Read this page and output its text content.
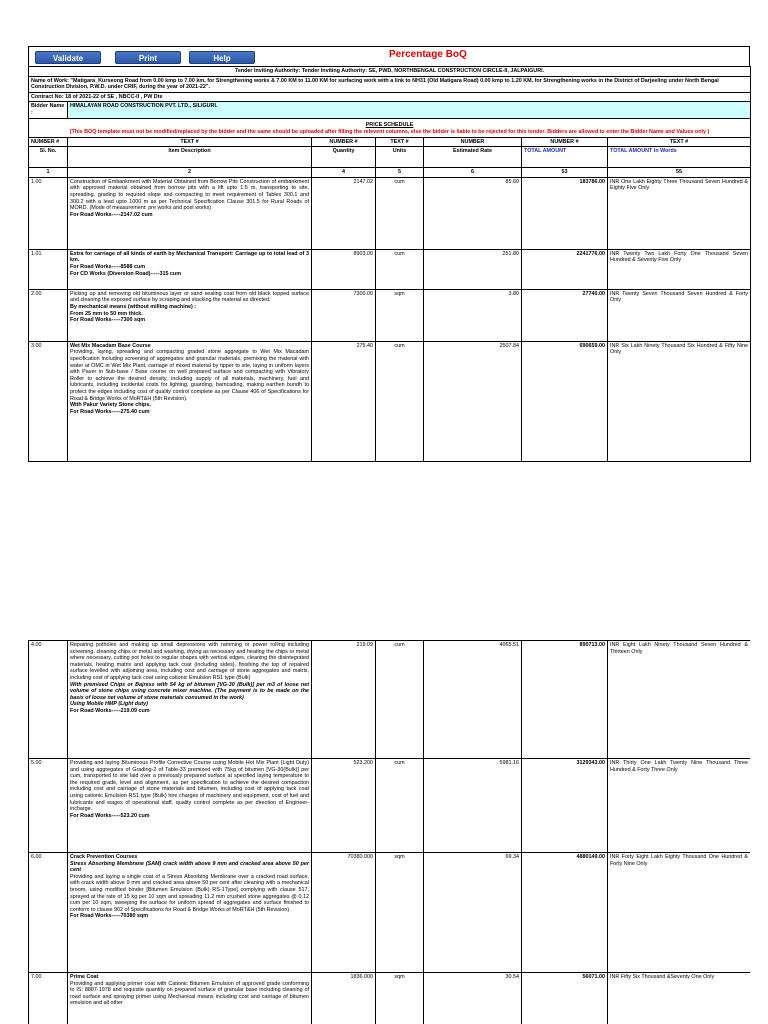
Validate	Print	Help	Percentage BoQ
Tender Inviting Authority: Tender Inviting Authority: SE, PWD, NORTHBENGAL CONSTRUCTION CIRCLE-II, JALPAIGURI.						
Name of Work: "Matigara_Kurseong Road from 0.00 kmp to 7.00 km, for Strengthening works & 7.00 KM to 11.00 KM for surfacing work with a link to NH31 (Old Matigara Road) 0.00 kmp to 1.20 KM, for Strengthening works in the District of Darjeeling under North Bengal Construction Division, P.W.D. under CRIF, during the year of 2021-22".						
Contract No: 18 of 2021-22 of SE , NBCC-II , PW Dte						
Bidder Name :	HIMALAYAN ROAD CONSTRUCTION PVT. LTD., SILIGURI.					

PRICE SCHEDULE
(This BOQ template must not be modified/replaced by the bidder and the same should be uploaded after filling the relevent columns, else the bidder is liable to be rejected for this tender. Bidders are allowed to enter the Bidder Name and Values only )						

NUMBER #	TEXT #	NUMBER #	TEXT #	NUMBER	NUMBER #	TEXT #
Sl. No.	Item Description	Quantity	Units	Estimated Rate	TOTAL AMOUNT	TOTAL AMOUNT In Words
1	2	4	5	6	53	55
1.00	Construction of Embankment with Material Obtained from Borrow Pits Construction of embankment with approved material obtained from borrow pits with a lift upto 1.5 m, transporting to site, spreading, grading to required slope and compacting to meet requirement of Tables 300.1 and 300.2 with a lead upto 1000 m as per Technical Specification Clause 301.5 for Rural Roads of MORD. (Mode of measurement: pre works and post works)
For Road Works-----2147.02 cum	2147.02	cum	85.60	183786.00	INR One Lakh Eighty Three Thousand Seven Hundred & Eighty Five Only
1.01	Extra for carriage of all kinds of earth by Mechanical Transport: Carriage up to total lead of 3 km.
For Road Works-----8588 cum
For CD Works (Diversion Road)-----315 cum	8903.00	cum	251.80	2241776.00	INR Twenty Two Lakh Forty One Thousand Seven Hundred & Seventy Five Only
2.00	Picking up and removing old bituminous layer or sand sealing coat from old black topped surface and cleaning the exposed surface by scraping and stacking the material as directed.
By mechanical means (without milling machine) :
From 25 mm to 50 mm thick.
For Road Works-----7300 sqm	7300.00	sqm	3.80	27740.00	INR Twenty Seven Thousand Seven Hundred & Forty Only
3.00	Wet Mix Macadam Base Course
Providing, laying, spreading and compacting graded stone aggregate to Wet Mix Macadam specification including screening of aggregates and granular materials, premixing the material with water at OMC in Wet Mix Plant, carriage of mixed material by tipper to site, laying in uniform layers with Paver in Sub-base / Base course on well prepared surface and compacting with Vibratory Roller to achieve the desired density, including supply of all materials, machinery, fuel and lubricants, including incidental costs for lighting, guarding, barricading, making earthen bundh to protect the edges including cost of quality control complete as per Clause 406 of Specifications for Road & Bridge Works of MoRT&H (5th Revision).
With Pakur Variety Stone chips.
For Road Works-----275.40 cum	275.40	cum	2507.84	690659.00	INR Six Lakh Ninety Thousand Six Hundred & Fifty Nine Only
4.00	Repairing potholes and making up small depressions with ramming or power rolling including screening, cleaning chips or metal and washing, drying as necessary and heating the chips or metal where necessary, cutting pot holes to regular shapes with vertical edges, cleaning the disintegrated materials, heating matrix and applying tack coat (including sides), finishing the top of repaired surface levelled with adjoining area, including cost and carriage of stone aggregates and matrix, including cost of applying tack coat using cationic Emulsion RS1 type (Bulk)
With premixed Chips or Bajress with 54 kg of bitumen [VG-30 (Bulk)] per m3 of loose net volume of stone chips using concrete mixer machine. (The payment is to be made on the basis of loose net volume of stone materials consumed in the work)
Using Mobile HMP (Light duty)
For Road Works-----219.09 cum	219.09	cum	4065.51	890713.00	INR Eight Lakh Ninety Thousand Seven Hundred & Thirteen Only
5.00	Providing and laying Bituminous Profile Corrective Course using Mobile Hot Mix Plant (Light Duty) and using aggregates of Grading-2 of Table-33 premixed with 75kg of bitumen [VG-30(Bulk)] per cum, transported to site laid over a previously prepared surface at specified laying temperature to the required grade, level and alignment, as per specification to achieve the desired compaction including cost and carriage of stone materials and bitumen, including cost of applying tack coat using cationic Emulsion RS1 type (Bulk) hire charges of machinery and equipment, cost of fuel and lubricants and wages of operational staff, quality control complete as per direction of Engineer-incharge.
For Road Works-----523.20 cum	523.200	cum	5981.16	3129343.00	INR Thirty One Lakh Twenty Nine Thousand Three Hundred & Forty Three Only
6.00	Crack Prevention Courses
Stress Absorbing Membrane (SAM) crack width above 9 mm and cracked area above 50 per cent
Providing and laying a single coat of a Stress Absorbing Membrane over a cracked road surface, with crack width above 9 mm and cracked area above 50 per cent after cleaning with a mechanical broom, using modified binder [Bitumen Emulsion (Bulk) RS-1Type] complying with clause 517, sprayed at the rate of 15 kg per 10 sqm and spreading 11.2 mm crushed stone aggregates @ 0.12 cum per 10 sqm, sweeping the surface for uniform spread of aggregates and surface finished to conform to clause 902 of Specifications for Road & Bridge Works of MoRT&H (5th Revision).
For Road Works-----70380 sqm	70380.000	sqm	69.34	4880149.00	INR Forty Eight Lakh Eighty Thousand One Hundred & Forty Nine Only
7.00	Prime Coat
Providing and applying primer coat with Cationic Bitumen Emulsion of approved grade conforming to IS: 8887-1978 and requisite quantity on prepared surface of granular base including cleaning of road surface and spraying primer using Mechanical means including cost and carriage of bitumen emulsion and all other	1836.000	sqm	30.54	56071.00	INR Fifty Six Thousand &Seventy One Only
